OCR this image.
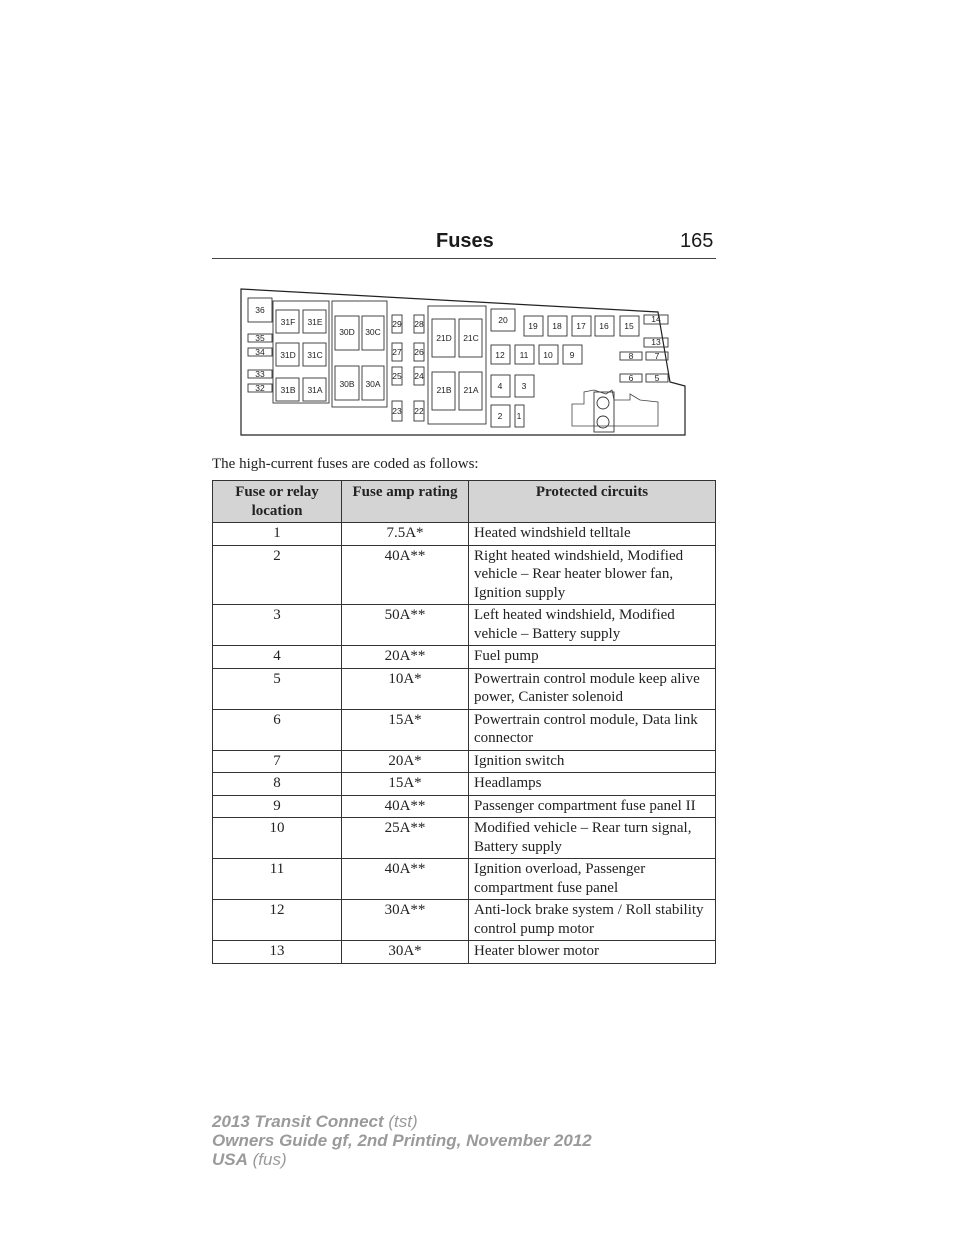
Fuses	165
36
35
34
33
32
31F 31E
31D 31C
31B 31A
30D 30C
30B 30A
29 28
27 26
25 24
23 22
21D 21C
21B 21A
20
19 18 17 16 15
14
13
12 11 10 9	8	7
6	5
4 3
2 1
The high-current fuses are coded as follows:
Fuse or relay location	Fuse amp rating	Protected circuits
1	7.5A*	Heated windshield telltale
2	40A**	Right heated windshield, Modified vehicle – Rear heater blower fan, Ignition supply
3	50A**	Left heated windshield, Modified vehicle – Battery supply
4	20A**	Fuel pump
5	10A*	Powertrain control module keep alive power, Canister solenoid
6	15A*	Powertrain control module, Data link connector
7	20A*	Ignition switch
8	15A*	Headlamps
9	40A**	Passenger compartment fuse panel II
10	25A**	Modified vehicle – Rear turn signal, Battery supply
11	40A**	Ignition overload, Passenger compartment fuse panel
12	30A**	Anti-lock brake system / Roll stability control pump motor
13	30A*	Heater blower motor
2013 Transit Connect (tst)
Owners Guide gf, 2nd Printing, November 2012
USA (fus)
